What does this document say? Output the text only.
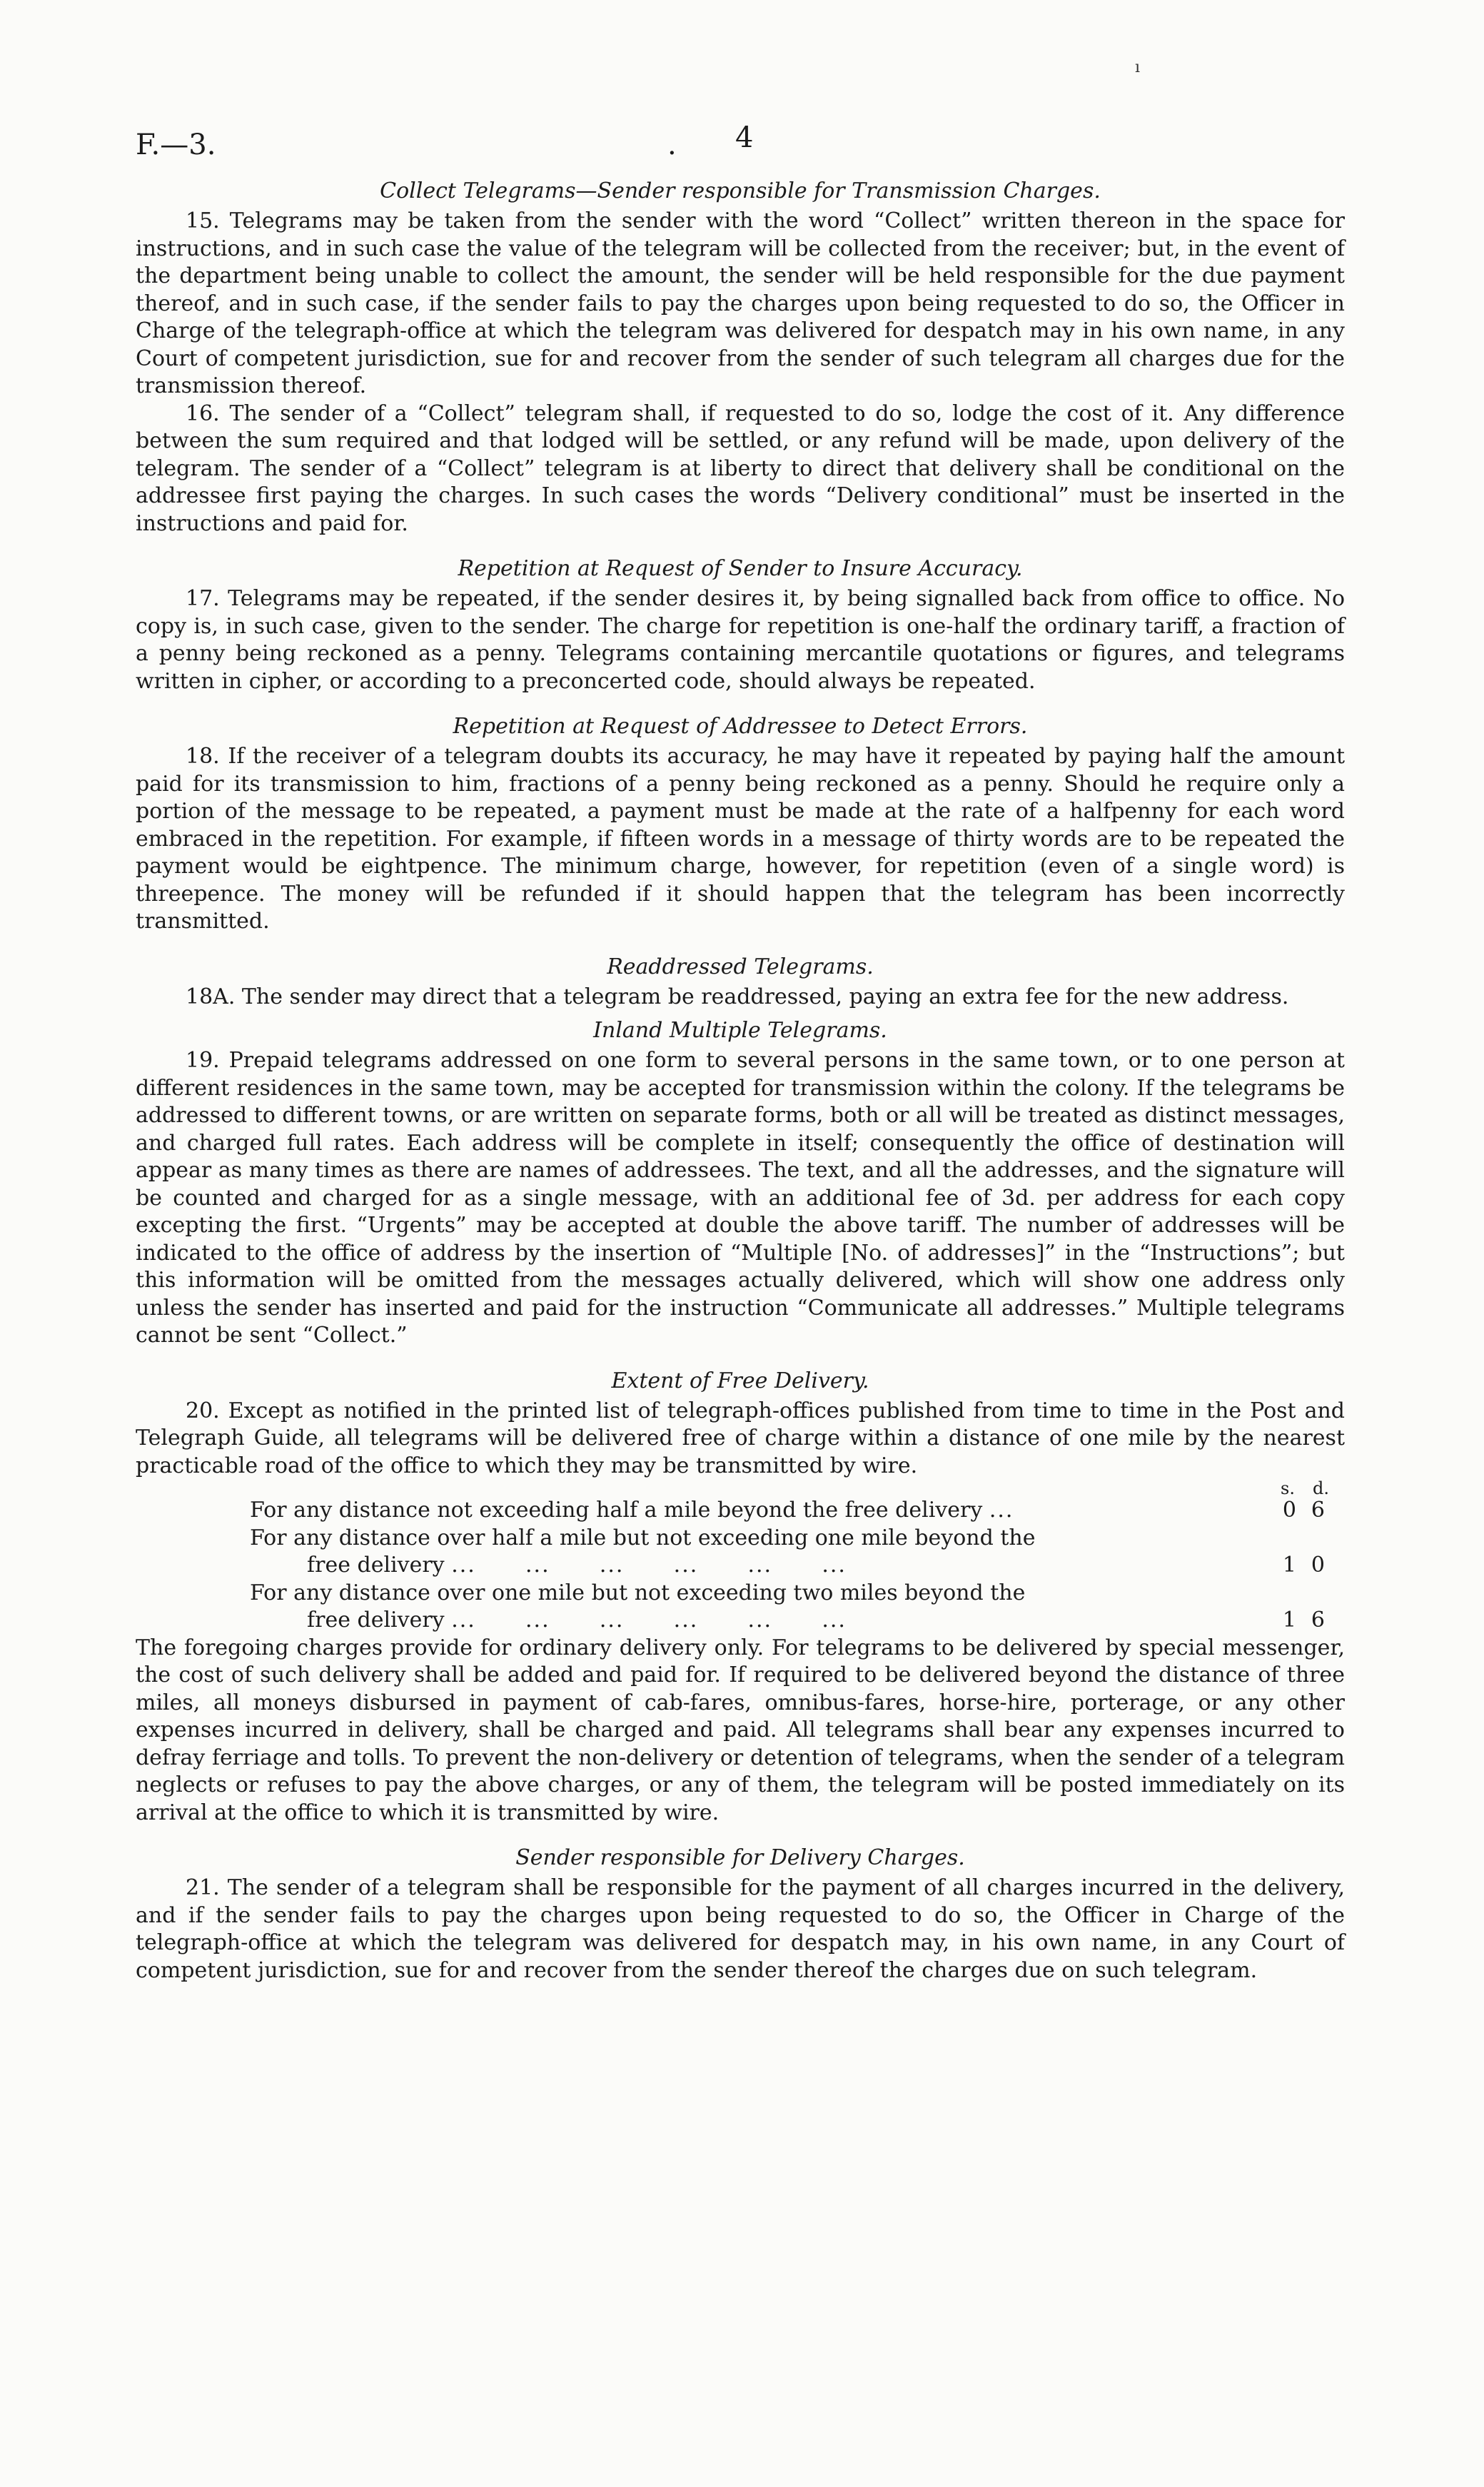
F.—3.	. 4
Collect Telegrams—Sender responsible for Transmission Charges.

15. Telegrams may be taken from the sender with the word “Collect” written thereon in the space for instructions, and in such case the value of the telegram will be collected from the receiver; but, in the event of the department being unable to collect the amount, the sender will be held responsible for the due payment thereof, and in such case, if the sender fails to pay the charges upon being requested to do so, the Officer in Charge of the telegraph-office at which the telegram was delivered for despatch may in his own name, in any Court of competent jurisdiction, sue for and recover from the sender of such telegram all charges due for the transmission thereof.

16. The sender of a “Collect” telegram shall, if requested to do so, lodge the cost of it. Any difference between the sum required and that lodged will be settled, or any refund will be made, upon delivery of the telegram. The sender of a “Collect” telegram is at liberty to direct that delivery shall be conditional on the addressee first paying the charges. In such cases the words “Delivery conditional” must be inserted in the instructions and paid for.

Repetition at Request of Sender to Insure Accuracy.

17. Telegrams may be repeated, if the sender desires it, by being signalled back from office to office. No copy is, in such case, given to the sender. The charge for repetition is one-half the ordinary tariff, a fraction of a penny being reckoned as a penny. Telegrams containing mercantile quotations or figures, and telegrams written in cipher, or according to a preconcerted code, should always be repeated.

Repetition at Request of Addressee to Detect Errors.

18. If the receiver of a telegram doubts its accuracy, he may have it repeated by paying half the amount paid for its transmission to him, fractions of a penny being reckoned as a penny. Should he require only a portion of the message to be repeated, a payment must be made at the rate of a halfpenny for each word embraced in the repetition. For example, if fifteen words in a message of thirty words are to be repeated the payment would be eightpence. The minimum charge, however, for repetition (even of a single word) is threepence. The money will be refunded if it should happen that the telegram has been incorrectly transmitted.

Readdressed Telegrams.

18A. The sender may direct that a telegram be readdressed, paying an extra fee for the new address.

Inland Multiple Telegrams.

19. Prepaid telegrams addressed on one form to several persons in the same town, or to one person at different residences in the same town, may be accepted for transmission within the colony. If the telegrams be addressed to different towns, or are written on separate forms, both or all will be treated as distinct messages, and charged full rates. Each address will be complete in itself; consequently the office of destination will appear as many times as there are names of addressees. The text, and all the addresses, and the signature will be counted and charged for as a single message, with an additional fee of 3d. per address for each copy excepting the first. “Urgents” may be accepted at double the above tariff. The number of addresses will be indicated to the office of address by the insertion of “Multiple [No. of addresses]” in the “Instructions”; but this information will be omitted from the messages actually delivered, which will show one address only unless the sender has inserted and paid for the instruction “Communicate all addresses.” Multiple telegrams cannot be sent “Collect.”

Extent of Free Delivery.

20. Except as notified in the printed list of telegraph-offices published from time to time in the Post and Telegraph Guide, all telegrams will be delivered free of charge within a distance of one mile by the nearest practicable road of the office to which they may be transmitted by wire.

s. d.
For any distance not exceeding half a mile beyond the free delivery ...	0 6
For any distance over half a mile but not exceeding one mile beyond the
free delivery ...      ...      ...      ...      ...      ...	1 0
For any distance over one mile but not exceeding two miles beyond the
free delivery ...      ...      ...      ...      ...      ...	1 6

The foregoing charges provide for ordinary delivery only. For telegrams to be delivered by special messenger, the cost of such delivery shall be added and paid for. If required to be delivered beyond the distance of three miles, all moneys disbursed in payment of cab-fares, omnibus-fares, horse-hire, porterage, or any other expenses incurred in delivery, shall be charged and paid. All telegrams shall bear any expenses incurred to defray ferriage and tolls. To prevent the non-delivery or detention of telegrams, when the sender of a telegram neglects or refuses to pay the above charges, or any of them, the telegram will be posted immediately on its arrival at the office to which it is transmitted by wire.

Sender responsible for Delivery Charges.

21. The sender of a telegram shall be responsible for the payment of all charges incurred in the delivery, and if the sender fails to pay the charges upon being requested to do so, the Officer in Charge of the telegraph-office at which the telegram was delivered for despatch may, in his own name, in any Court of competent jurisdiction, sue for and recover from the sender thereof the charges due on such telegram.

ı
